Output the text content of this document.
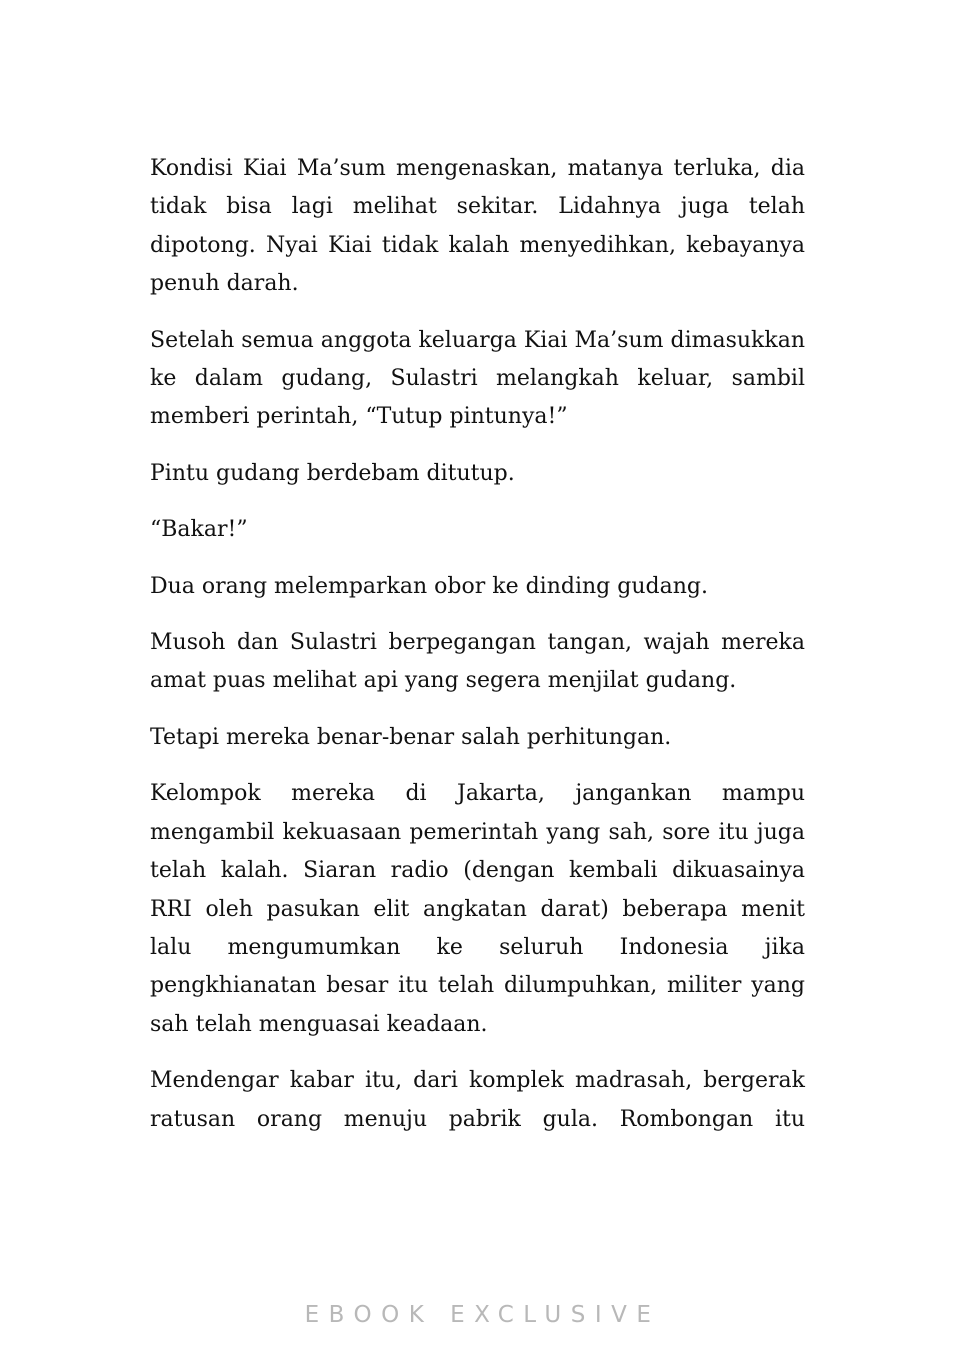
Kondisi Kiai Ma’sum mengenaskan, matanya terluka, dia tidak bisa lagi melihat sekitar. Lidahnya juga telah dipotong. Nyai Kiai tidak kalah menyedihkan, kebayanya penuh darah.

Setelah semua anggota keluarga Kiai Ma’sum dimasukkan ke dalam gudang, Sulastri melangkah keluar, sambil memberi perintah, “Tutup pintunya!”

Pintu gudang berdebam ditutup.

“Bakar!”

Dua orang melemparkan obor ke dinding gudang.

Musoh dan Sulastri berpegangan tangan, wajah mereka amat puas melihat api yang segera menjilat gudang.

Tetapi mereka benar-benar salah perhitungan.

Kelompok mereka di Jakarta, jangankan mampu mengambil kekuasaan pemerintah yang sah, sore itu juga telah kalah. Siaran radio (dengan kembali dikuasainya RRI oleh pasukan elit angkatan darat) beberapa menit lalu mengumumkan ke seluruh Indonesia jika pengkhianatan besar itu telah dilumpuhkan, militer yang sah telah menguasai keadaan.

Mendengar kabar itu, dari komplek madrasah, bergerak ratusan orang menuju pabrik gula. Rombongan itu

EBOOK EXCLUSIVE
